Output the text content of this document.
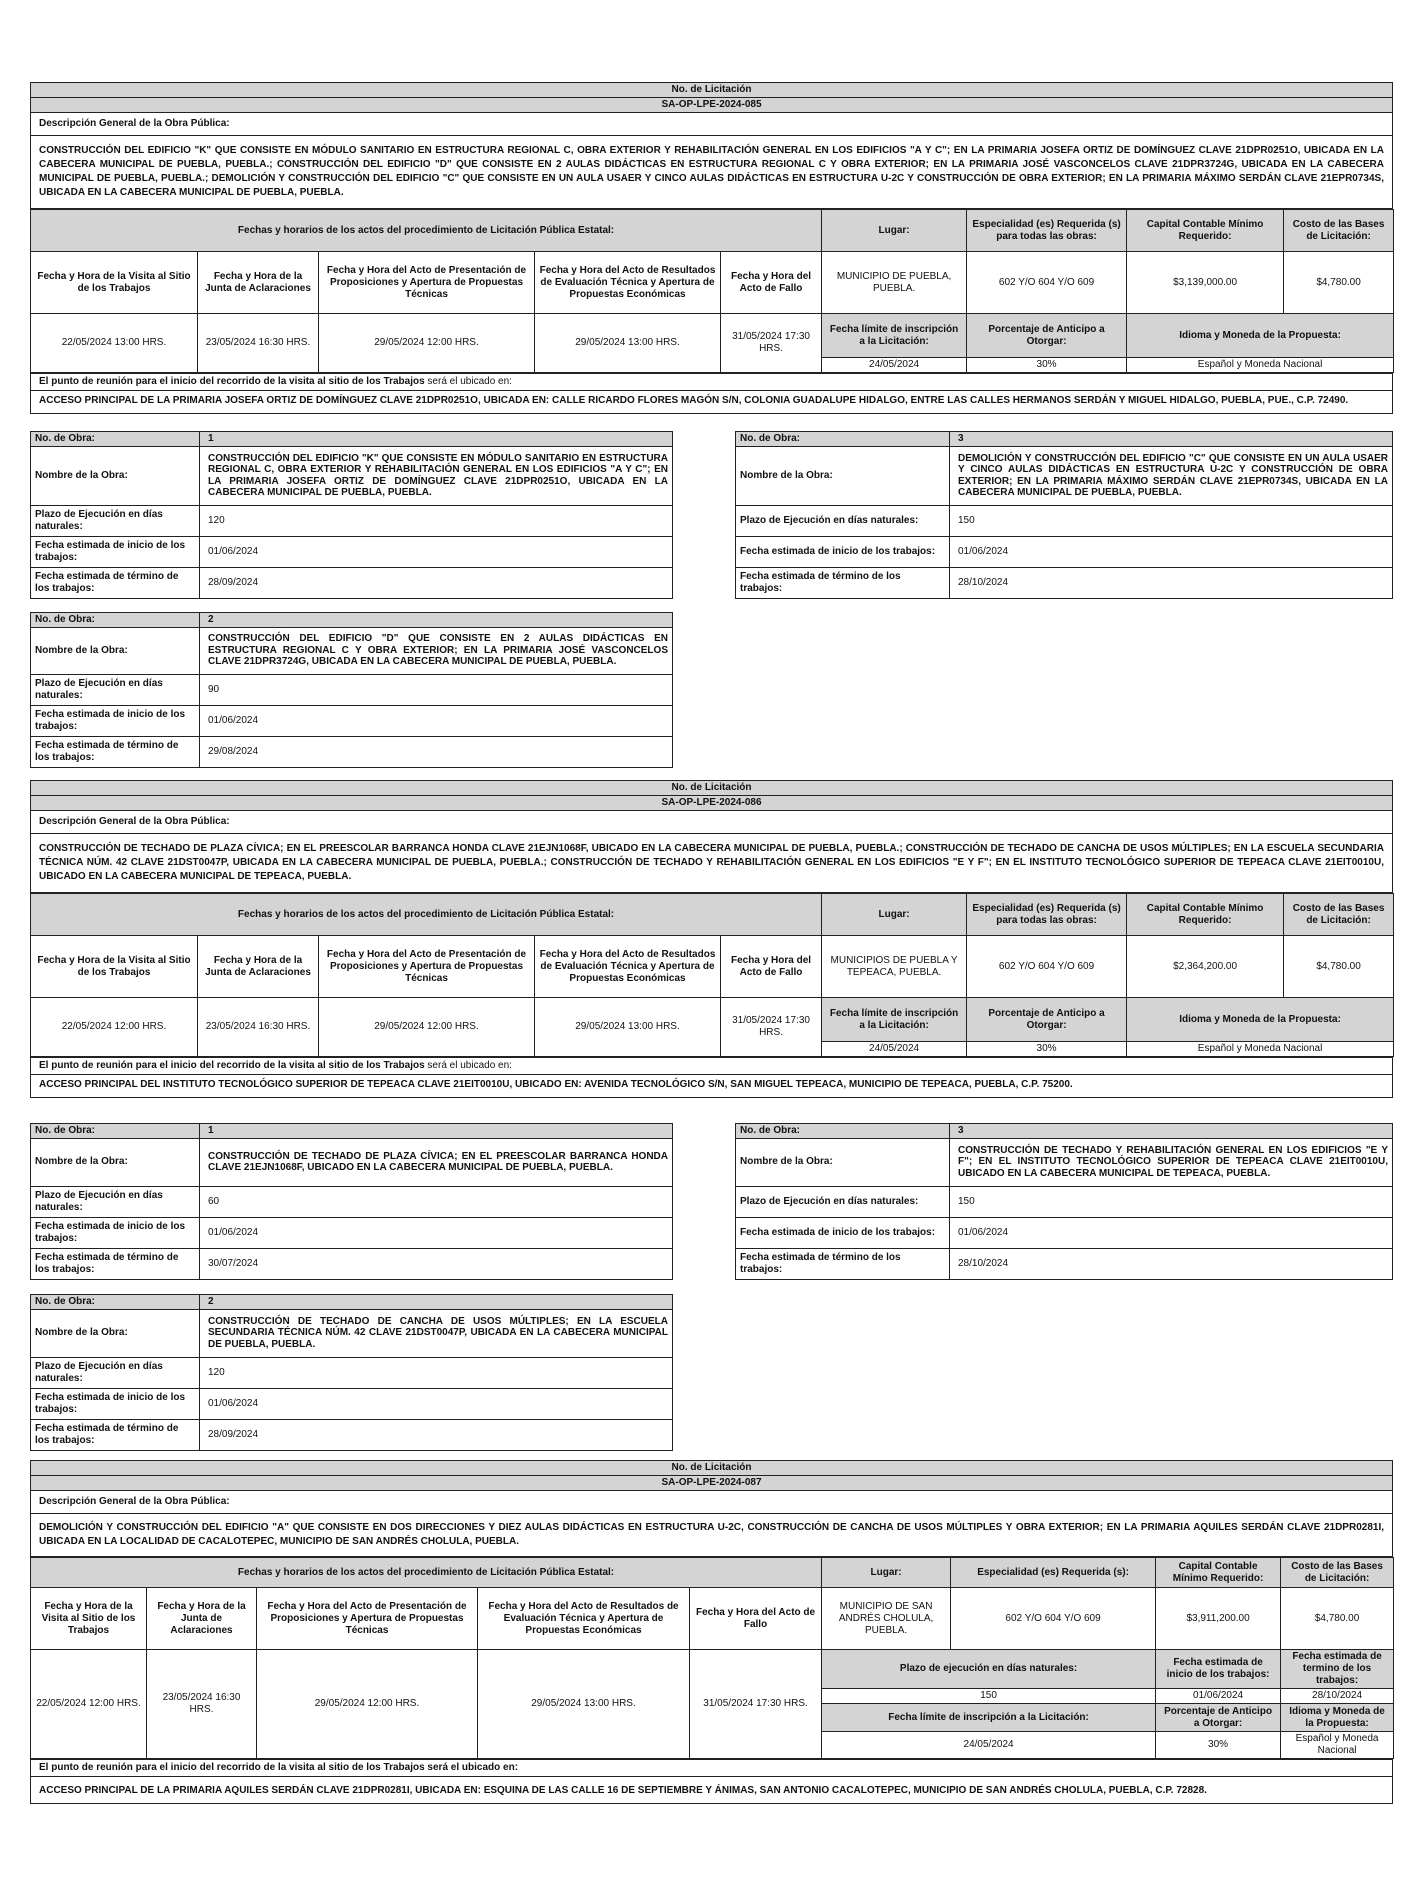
No. de Licitación
SA-OP-LPE-2024-085
Descripción General de la Obra Pública:
CONSTRUCCIÓN DEL EDIFICIO "K" QUE CONSISTE EN MÓDULO SANITARIO EN ESTRUCTURA REGIONAL C, OBRA EXTERIOR Y REHABILITACIÓN GENERAL EN LOS EDIFICIOS "A Y C"; EN LA PRIMARIA JOSEFA ORTIZ DE DOMÍNGUEZ CLAVE 21DPR0251O, UBICADA EN LA CABECERA MUNICIPAL DE PUEBLA, PUEBLA.; CONSTRUCCIÓN DEL EDIFICIO "D" QUE CONSISTE EN 2 AULAS DIDÁCTICAS EN ESTRUCTURA REGIONAL C Y OBRA EXTERIOR; EN LA PRIMARIA JOSÉ VASCONCELOS CLAVE 21DPR3724G, UBICADA EN LA CABECERA MUNICIPAL DE PUEBLA, PUEBLA.; DEMOLICIÓN Y CONSTRUCCIÓN DEL EDIFICIO "C" QUE CONSISTE EN UN AULA USAER Y CINCO AULAS DIDÁCTICAS EN ESTRUCTURA U-2C Y CONSTRUCCIÓN DE OBRA EXTERIOR; EN LA PRIMARIA MÁXIMO SERDÁN CLAVE 21EPR0734S, UBICADA EN LA CABECERA MUNICIPAL DE PUEBLA, PUEBLA.
Fechas y horarios de los actos del procedimiento de Licitación Pública Estatal:					Lugar:	Especialidad (es) Requerida (s) para todas las obras:	Capital Contable Mínimo Requerido:	Costo de las Bases de Licitación:
Fecha y Hora de la Visita al Sitio de los Trabajos	Fecha y Hora de la Junta de Aclaraciones	Fecha y Hora del Acto de Presentación de Proposiciones y Apertura de Propuestas Técnicas	Fecha y Hora del Acto de Resultados de Evaluación Técnica y Apertura de Propuestas Económicas	Fecha y Hora del Acto de Fallo	MUNICIPIO DE PUEBLA, PUEBLA.	602 Y/O 604 Y/O 609	$3,139,000.00	$4,780.00
22/05/2024 13:00 HRS.	23/05/2024 16:30 HRS.	29/05/2024 12:00 HRS.	29/05/2024 13:00 HRS.	31/05/2024 17:30 HRS.	Fecha límite de inscripción a la Licitación:	Porcentaje de Anticipo a Otorgar:	Idioma y Moneda de la Propuesta:	
					24/05/2024	30%	Español y Moneda Nacional	
El punto de reunión para el inicio del recorrido de la visita al sitio de los Trabajos será el ubicado en:
ACCESO PRINCIPAL DE LA PRIMARIA JOSEFA ORTIZ DE DOMÍNGUEZ CLAVE 21DPR0251O, UBICADA EN: CALLE RICARDO FLORES MAGÓN S/N, COLONIA GUADALUPE HIDALGO, ENTRE LAS CALLES HERMANOS SERDÁN Y MIGUEL HIDALGO, PUEBLA, PUE., C.P. 72490.
No. de Obra:	1
Nombre de la Obra:	CONSTRUCCIÓN DEL EDIFICIO "K" QUE CONSISTE EN MÓDULO SANITARIO EN ESTRUCTURA REGIONAL C, OBRA EXTERIOR Y REHABILITACIÓN GENERAL EN LOS EDIFICIOS "A Y C"; EN LA PRIMARIA JOSEFA ORTIZ DE DOMÍNGUEZ CLAVE 21DPR0251O, UBICADA EN LA CABECERA MUNICIPAL DE PUEBLA, PUEBLA.
Plazo de Ejecución en días naturales:	120
Fecha estimada de inicio de los trabajos:	01/06/2024
Fecha estimada de término de los trabajos:	28/09/2024
No. de Obra:	3
Nombre de la Obra:	DEMOLICIÓN Y CONSTRUCCIÓN DEL EDIFICIO "C" QUE CONSISTE EN UN AULA USAER Y CINCO AULAS DIDÁCTICAS EN ESTRUCTURA U-2C Y CONSTRUCCIÓN DE OBRA EXTERIOR; EN LA PRIMARIA MÁXIMO SERDÁN CLAVE 21EPR0734S, UBICADA EN LA CABECERA MUNICIPAL DE PUEBLA, PUEBLA.
Plazo de Ejecución en días naturales:	150
Fecha estimada de inicio de los trabajos:	01/06/2024
Fecha estimada de término de los trabajos:	28/10/2024
No. de Obra:	2
Nombre de la Obra:	CONSTRUCCIÓN DEL EDIFICIO "D" QUE CONSISTE EN 2 AULAS DIDÁCTICAS EN ESTRUCTURA REGIONAL C Y OBRA EXTERIOR; EN LA PRIMARIA JOSÉ VASCONCELOS CLAVE 21DPR3724G, UBICADA EN LA CABECERA MUNICIPAL DE PUEBLA, PUEBLA.
Plazo de Ejecución en días naturales:	90
Fecha estimada de inicio de los trabajos:	01/06/2024
Fecha estimada de término de los trabajos:	29/08/2024
No. de Licitación
SA-OP-LPE-2024-086
Descripción General de la Obra Pública:
CONSTRUCCIÓN DE TECHADO DE PLAZA CÍVICA; EN EL PREESCOLAR BARRANCA HONDA CLAVE 21EJN1068F, UBICADO EN LA CABECERA MUNICIPAL DE PUEBLA, PUEBLA.; CONSTRUCCIÓN DE TECHADO DE CANCHA DE USOS MÚLTIPLES; EN LA ESCUELA SECUNDARIA TÉCNICA NÚM. 42 CLAVE 21DST0047P, UBICADA EN LA CABECERA MUNICIPAL DE PUEBLA, PUEBLA.; CONSTRUCCIÓN DE TECHADO Y REHABILITACIÓN GENERAL EN LOS EDIFICIOS "E Y F"; EN EL INSTITUTO TECNOLÓGICO SUPERIOR DE TEPEACA CLAVE 21EIT0010U, UBICADO EN LA CABECERA MUNICIPAL DE TEPEACA, PUEBLA.
Fechas y horarios de los actos del procedimiento de Licitación Pública Estatal:					Lugar:	Especialidad (es) Requerida (s) para todas las obras:	Capital Contable Mínimo Requerido:	Costo de las Bases de Licitación:
Fecha y Hora de la Visita al Sitio de los Trabajos	Fecha y Hora de la Junta de Aclaraciones	Fecha y Hora del Acto de Presentación de Proposiciones y Apertura de Propuestas Técnicas	Fecha y Hora del Acto de Resultados de Evaluación Técnica y Apertura de Propuestas Económicas	Fecha y Hora del Acto de Fallo	MUNICIPIOS DE PUEBLA Y TEPEACA, PUEBLA.	602 Y/O 604 Y/O 609	$2,364,200.00	$4,780.00
22/05/2024 12:00 HRS.	23/05/2024 16:30 HRS.	29/05/2024 12:00 HRS.	29/05/2024 13:00 HRS.	31/05/2024 17:30 HRS.	Fecha límite de inscripción a la Licitación:	Porcentaje de Anticipo a Otorgar:	Idioma y Moneda de la Propuesta:	
					24/05/2024	30%	Español y Moneda Nacional	
El punto de reunión para el inicio del recorrido de la visita al sitio de los Trabajos será el ubicado en:
ACCESO PRINCIPAL DEL INSTITUTO TECNOLÓGICO SUPERIOR DE TEPEACA CLAVE 21EIT0010U, UBICADO EN: AVENIDA TECNOLÓGICO S/N, SAN MIGUEL TEPEACA, MUNICIPIO DE TEPEACA, PUEBLA, C.P. 75200.
No. de Obra:	1
Nombre de la Obra:	CONSTRUCCIÓN DE TECHADO DE PLAZA CÍVICA; EN EL PREESCOLAR BARRANCA HONDA CLAVE 21EJN1068F, UBICADO EN LA CABECERA MUNICIPAL DE PUEBLA, PUEBLA.
Plazo de Ejecución en días naturales:	60
Fecha estimada de inicio de los trabajos:	01/06/2024
Fecha estimada de término de los trabajos:	30/07/2024
No. de Obra:	3
Nombre de la Obra:	CONSTRUCCIÓN DE TECHADO Y REHABILITACIÓN GENERAL EN LOS EDIFICIOS "E Y F"; EN EL INSTITUTO TECNOLÓGICO SUPERIOR DE TEPEACA CLAVE 21EIT0010U, UBICADO EN LA CABECERA MUNICIPAL DE TEPEACA, PUEBLA.
Plazo de Ejecución en días naturales:	150
Fecha estimada de inicio de los trabajos:	01/06/2024
Fecha estimada de término de los trabajos:	28/10/2024
No. de Obra:	2
Nombre de la Obra:	CONSTRUCCIÓN DE TECHADO DE CANCHA DE USOS MÚLTIPLES; EN LA ESCUELA SECUNDARIA TÉCNICA NÚM. 42 CLAVE 21DST0047P, UBICADA EN LA CABECERA MUNICIPAL DE PUEBLA, PUEBLA.
Plazo de Ejecución en días naturales:	120
Fecha estimada de inicio de los trabajos:	01/06/2024
Fecha estimada de término de los trabajos:	28/09/2024
No. de Licitación
SA-OP-LPE-2024-087
Descripción General de la Obra Pública:
DEMOLICIÓN Y CONSTRUCCIÓN DEL EDIFICIO "A" QUE CONSISTE EN DOS DIRECCIONES Y DIEZ AULAS DIDÁCTICAS EN ESTRUCTURA U-2C, CONSTRUCCIÓN DE CANCHA DE USOS MÚLTIPLES Y OBRA EXTERIOR; EN LA PRIMARIA AQUILES SERDÁN CLAVE 21DPR0281I, UBICADA EN LA LOCALIDAD DE CACALOTEPEC, MUNICIPIO DE SAN ANDRÉS CHOLULA, PUEBLA.
Fechas y horarios de los actos del procedimiento de Licitación Pública Estatal:					Lugar:	Especialidad (es) Requerida (s):	Capital Contable Mínimo Requerido:	Costo de las Bases de Licitación:
Fecha y Hora de la Visita al Sitio de los Trabajos	Fecha y Hora de la Junta de Aclaraciones	Fecha y Hora del Acto de Presentación de Proposiciones y Apertura de Propuestas Técnicas	Fecha y Hora del Acto de Resultados de Evaluación Técnica y Apertura de Propuestas Económicas	Fecha y Hora del Acto de Fallo	MUNICIPIO DE SAN ANDRÉS CHOLULA, PUEBLA.	602 Y/O 604 Y/O 609	$3,911,200.00	$4,780.00
22/05/2024 12:00 HRS.	23/05/2024 16:30 HRS.	29/05/2024 12:00 HRS.	29/05/2024 13:00 HRS.	31/05/2024 17:30 HRS.	Plazo de ejecución en días naturales:		Fecha estimada de inicio de los trabajos:	Fecha estimada de termino de los trabajos:
					150		01/06/2024	28/10/2024
					Fecha límite de inscripción a la Licitación:		Porcentaje de Anticipo a Otorgar:	Idioma y Moneda de la Propuesta:
					24/05/2024		30%	Español y Moneda Nacional
El punto de reunión para el inicio del recorrido de la visita al sitio de los Trabajos será el ubicado en:
ACCESO PRINCIPAL DE LA PRIMARIA AQUILES SERDÁN CLAVE 21DPR0281I, UBICADA EN: ESQUINA DE LAS CALLE 16 DE SEPTIEMBRE Y ÁNIMAS, SAN ANTONIO CACALOTEPEC, MUNICIPIO DE SAN ANDRÉS CHOLULA, PUEBLA, C.P. 72828.
